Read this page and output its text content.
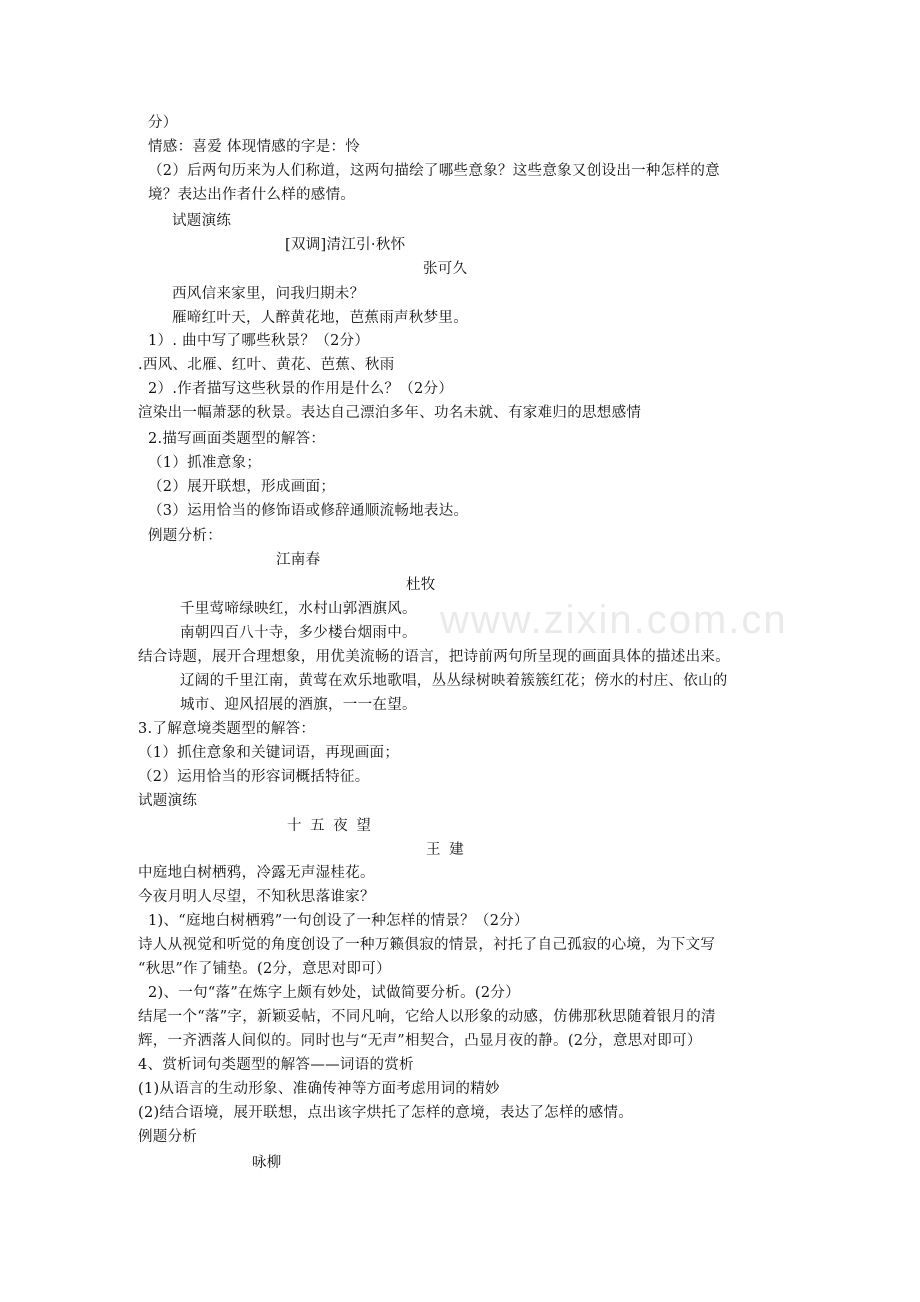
www.zixin.com.cn
分）
情感：喜爱 体现情感的字是：怜
（2）后两句历来为人们称道，这两句描绘了哪些意象？这些意象又创设出一种怎样的意
境？表达出作者什么样的感情。
试题演练
[双调]清江引·秋怀
张可久
西风信来家里，问我归期未？
雁啼红叶天，人醉黄花地，芭蕉雨声秋梦里。
1）. 曲中写了哪些秋景？（2分）
.西风、北雁、红叶、黄花、芭蕉、秋雨
2）.作者描写这些秋景的作用是什么？（2分）
渲染出一幅萧瑟的秋景。表达自己漂泊多年、功名未就、有家难归的思想感情
2.描写画面类题型的解答：
（1）抓准意象；
（2）展开联想，形成画面；
（3）运用恰当的修饰语或修辞通顺流畅地表达。
例题分析：
江南春
杜牧
千里莺啼绿映红，水村山郭酒旗风。
南朝四百八十寺，多少楼台烟雨中。
结合诗题，展开合理想象，用优美流畅的语言，把诗前两句所呈现的画面具体的描述出来。
辽阔的千里江南，黄莺在欢乐地歌唱，丛丛绿树映着簇簇红花；傍水的村庄、依山的
城市、迎风招展的酒旗，一一在望。
3.了解意境类题型的解答：
（1）抓住意象和关键词语，再现画面；
（2）运用恰当的形容词概括特征。
试题演练
十 五 夜 望
王 建
中庭地白树栖鸦，冷露无声湿桂花。
今夜月明人尽望，不知秋思落谁家？
1)、“庭地白树栖鸦”一句创设了一种怎样的情景？（2分）
诗人从视觉和听觉的角度创设了一种万籁俱寂的情景，衬托了自己孤寂的心境，为下文写
“秋思”作了铺垫。(2分，意思对即可）
2)、一句“落”在炼字上颇有妙处，试做简要分析。(2分）
结尾一个“落”字，新颖妥帖，不同凡响，它给人以形象的动感，仿佛那秋思随着银月的清
辉，一齐洒落人间似的。同时也与“无声”相契合，凸显月夜的静。(2分，意思对即可）
4、赏析词句类题型的解答——词语的赏析
(1)从语言的生动形象、准确传神等方面考虑用词的精妙
(2)结合语境，展开联想，点出该字烘托了怎样的意境，表达了怎样的感情。
例题分析
咏柳
